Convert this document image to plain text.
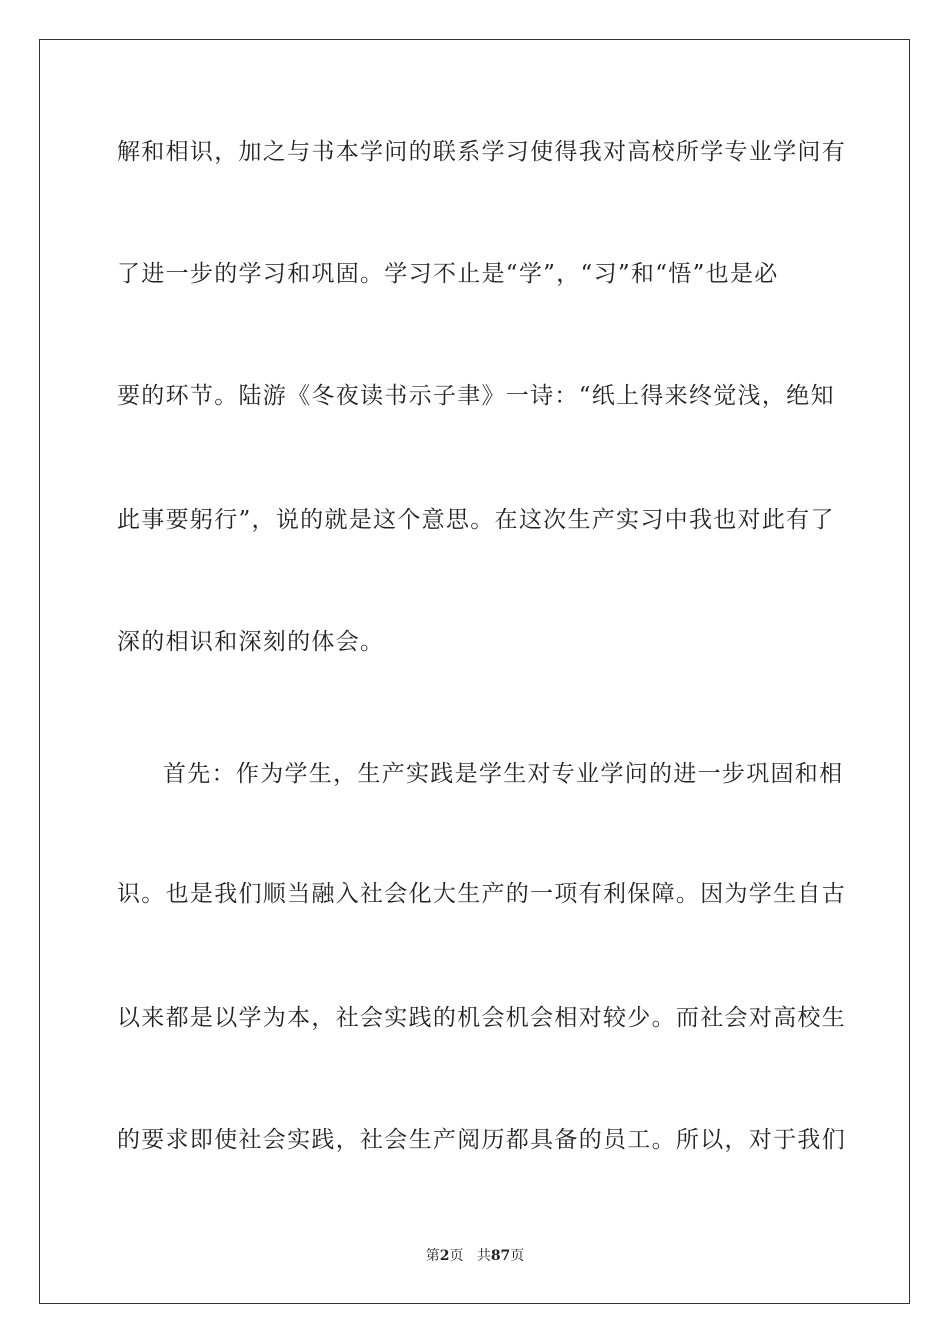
解和相识，加之与书本学问的联系学习使得我对高校所学专业学问有
了进一步的学习和巩固。学习不止是“学”，“习”和“悟”也是必
要的环节。陆游《冬夜读书示子聿》一诗：“纸上得来终觉浅，绝知
此事要躬行”，说的就是这个意思。在这次生产实习中我也对此有了
深的相识和深刻的体会。
首先：作为学生，生产实践是学生对专业学问的进一步巩固和相
识。也是我们顺当融入社会化大生产的一项有利保障。因为学生自古
以来都是以学为本，社会实践的机会机会相对较少。而社会对高校生
的要求即使社会实践，社会生产阅历都具备的员工。所以，对于我们
第2页 共87页
